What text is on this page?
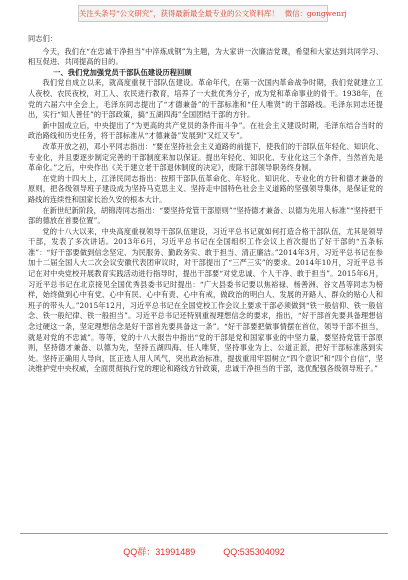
关注头条号“公文研究”，获得最新最全最专业的公文资料库！ 微信：gongwenrj

同志们：

今天，我们在“在忠诚干净担当”中淬炼成钢”为主题，为大家讲一次廉洁党课，希望和大家达到共同学习、相互促进、共同提高的目的。

一、我们党加强党员干部队伍建设历程回顾

我们党自成立以来，就高度重视干部队伍建设。革命年代，在第一次国内革命战争时期，我们党就建立工人夜校、农民夜校，对工人、农民进行教育，培养了一大批优秀分子，成为党和革命事业的骨干。1938年，在党的六届六中全会上，毛泽东同志提出了“才德兼备”的干部标准和“任人唯贤”的干部路线。毛泽东同志还提出，实行“知人善任”的干部政策，搞“五湖四海”全国团结干部的方针。

新中国成立后，中央提出了“为更高的共产党员的条件而斗争”。在社会主义建设时期，毛泽东结合当时的政治路线和历史任务，将干部标准从“才德兼备”发展到“又红又专”。

改革开放之初，邓小平同志指出：“要在坚持社会主义道路的前提下，使我们的干部队伍年轻化、知识化、专业化，并且要逐步制定完善的干部制度来加以保证。提出年轻化、知识化、专业化这三个条件，当然首先是革命化。”之后，中央作出《关于建立老干部退休制度的决定》，废除干部领导职务终身制。

在党的十四大上，江泽民同志指出：按照干部队伍革命化、年轻化、知识化、专业化的方针和德才兼备的原则，把各级领导班子建设成为坚持马克思主义、坚持走中国特色社会主义道路的坚强领导集体，是保证党的路线的连续性和国家长治久安的根本大计。

在新世纪新阶段，胡锦涛同志指出：“要坚持党管干部原则”“坚持德才兼备、以德为先用人标准”“坚持把干部的德放在首要位置”。

党的十八大以来，中央高度重视领导干部队伍建设，习近平总书记就如何打造合格干部队伍，尤其是领导干部，发表了多次讲话。2013年6月，习近平总书记在全国组织工作会议上首次提出了好干部的“五条标准”：“好干部要做到信念坚定、为民服务、勤政务实、敢于担当、清正廉洁。”2014年3月，习近平总书记在参加十二届全国人大二次会议安徽代表团审议时，对干部提出了“三严三实”的要求。2014年10月，习近平总书记在对中央党校开展教育实践活动进行指导时，提出干部要“对党忠诚、个人干净、敢于担当”。2015年6月，习近平总书记在北京接见全国优秀县委书记时提出：“广大县委书记要以焦裕禄、杨善洲、谷文昌等同志为榜样，始终做到心中有党、心中有民、心中有责、心中有戒，做政治的明白人、发展的开路人、群众的贴心人和班子的带头人。”2015年12月，习近平总书记在全国党校工作会议上要求干部必须做到“铁一般信仰、铁一般信念、铁一般纪律、铁一般担当”。习近平总书记还特别重视理想信念的要求，指出，“好干部首先要具备理想信念过硬这一条，坚定理想信念是好干部首先要具备这一条”。“好干部要把做事情摆在首位，领导干部不担当，就是对党的不忠诚”。等等，党的十八大报告中指出“党的干部是党和国家事业的中坚力量，要坚持党管干部原则，坚持德才兼备、以德为先，坚持五湖四海、任人唯贤，坚持事业为上、公道正派，把好干部标准落到实处。坚持正确用人导向，匡正选人用人风气，突出政治标准，提拔重用牢固树立“四个意识”和“四个自信”，坚决维护党中央权威，全面贯彻执行党的理论和路线方针政策，忠诚干净担当的干部，选优配强各级领导班子。”

QQ群：31991489	QQ:535304092
